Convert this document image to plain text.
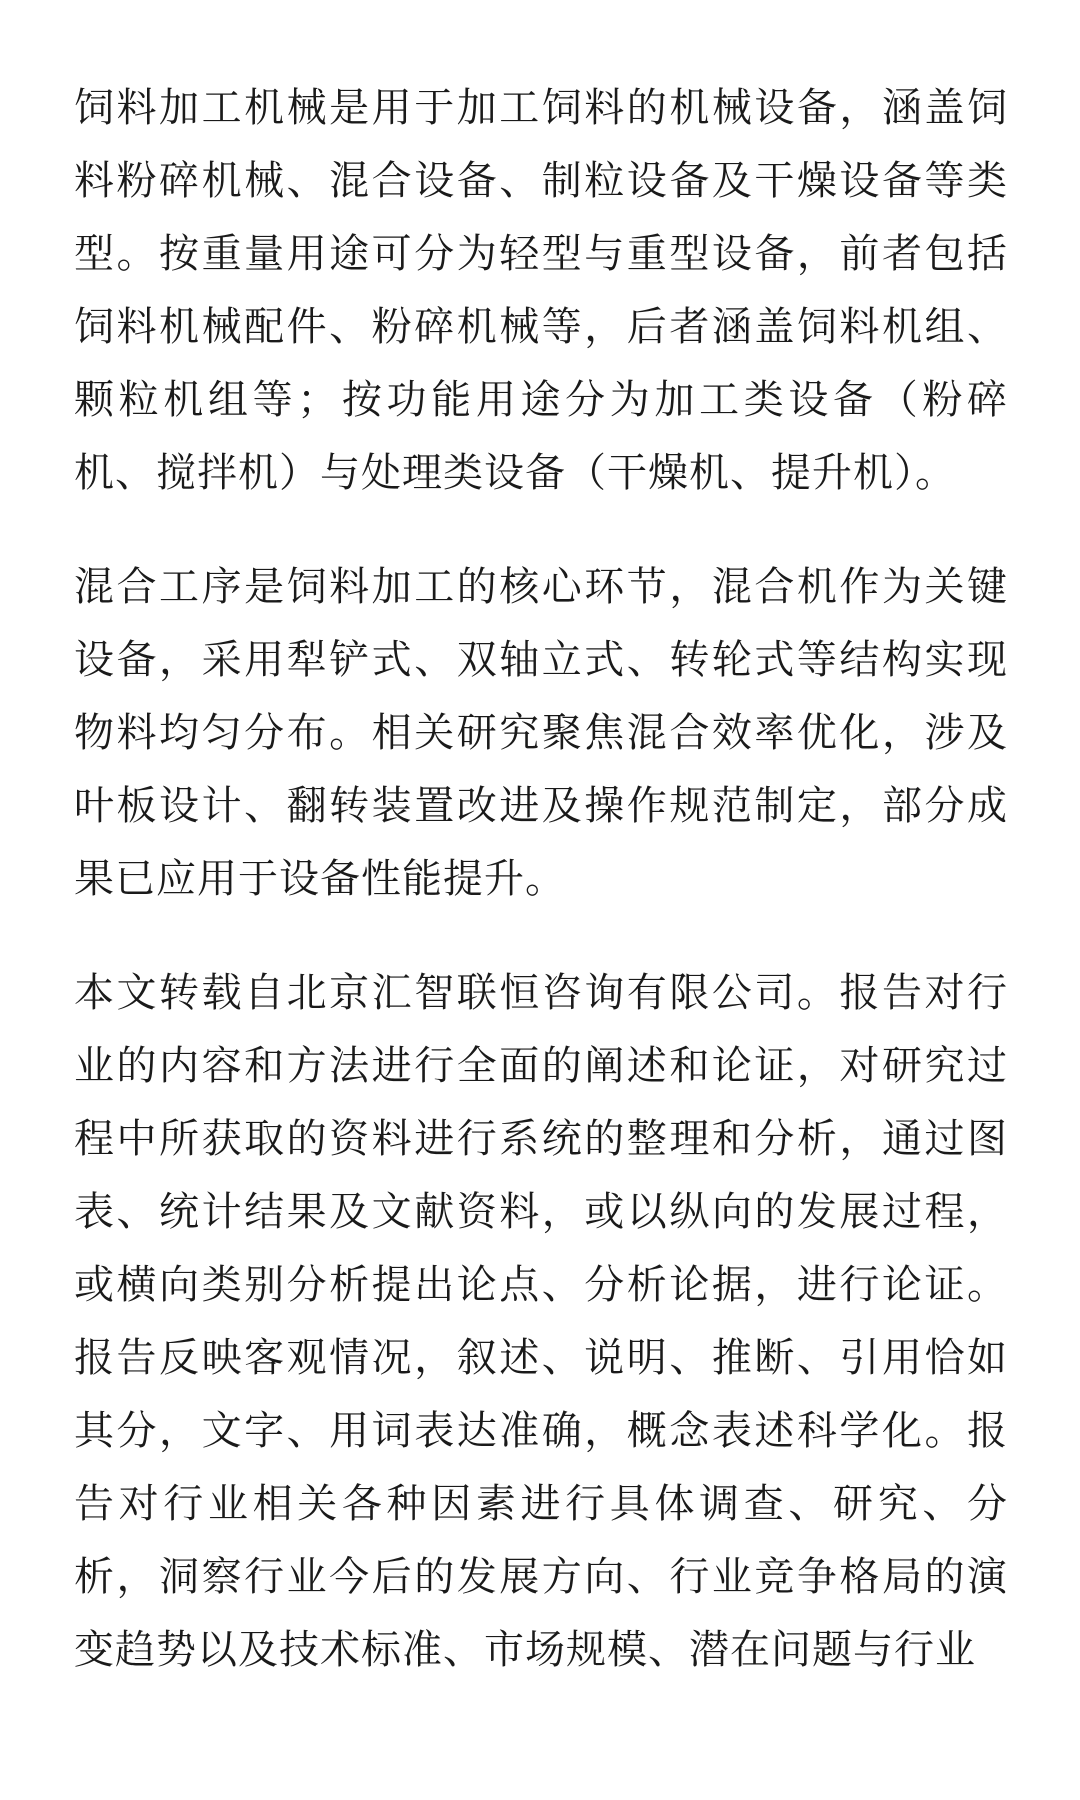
饲料加工机械是用于加工饲料的机械设备，涵盖饲料粉碎机械、混合设备、制粒设备及干燥设备等类型。按重量用途可分为轻型与重型设备，前者包括饲料机械配件、粉碎机械等，后者涵盖饲料机组、颗粒机组等；按功能用途分为加工类设备（粉碎机、搅拌机）与处理类设备（干燥机、提升机）。

混合工序是饲料加工的核心环节，混合机作为关键设备，采用犁铲式、双轴立式、转轮式等结构实现物料均匀分布。相关研究聚焦混合效率优化，涉及叶板设计、翻转装置改进及操作规范制定，部分成果已应用于设备性能提升。

本文转载自北京汇智联恒咨询有限公司。报告对行业的内容和方法进行全面的阐述和论证，对研究过程中所获取的资料进行系统的整理和分析，通过图表、统计结果及文献资料，或以纵向的发展过程，或横向类别分析提出论点、分析论据，进行论证。报告反映客观情况，叙述、说明、推断、引用恰如其分，文字、用词表达准确，概念表述科学化。报告对行业相关各种因素进行具体调查、研究、分析，洞察行业今后的发展方向、行业竞争格局的演变趋势以及技术标准、市场规模、潜在问题与行业
